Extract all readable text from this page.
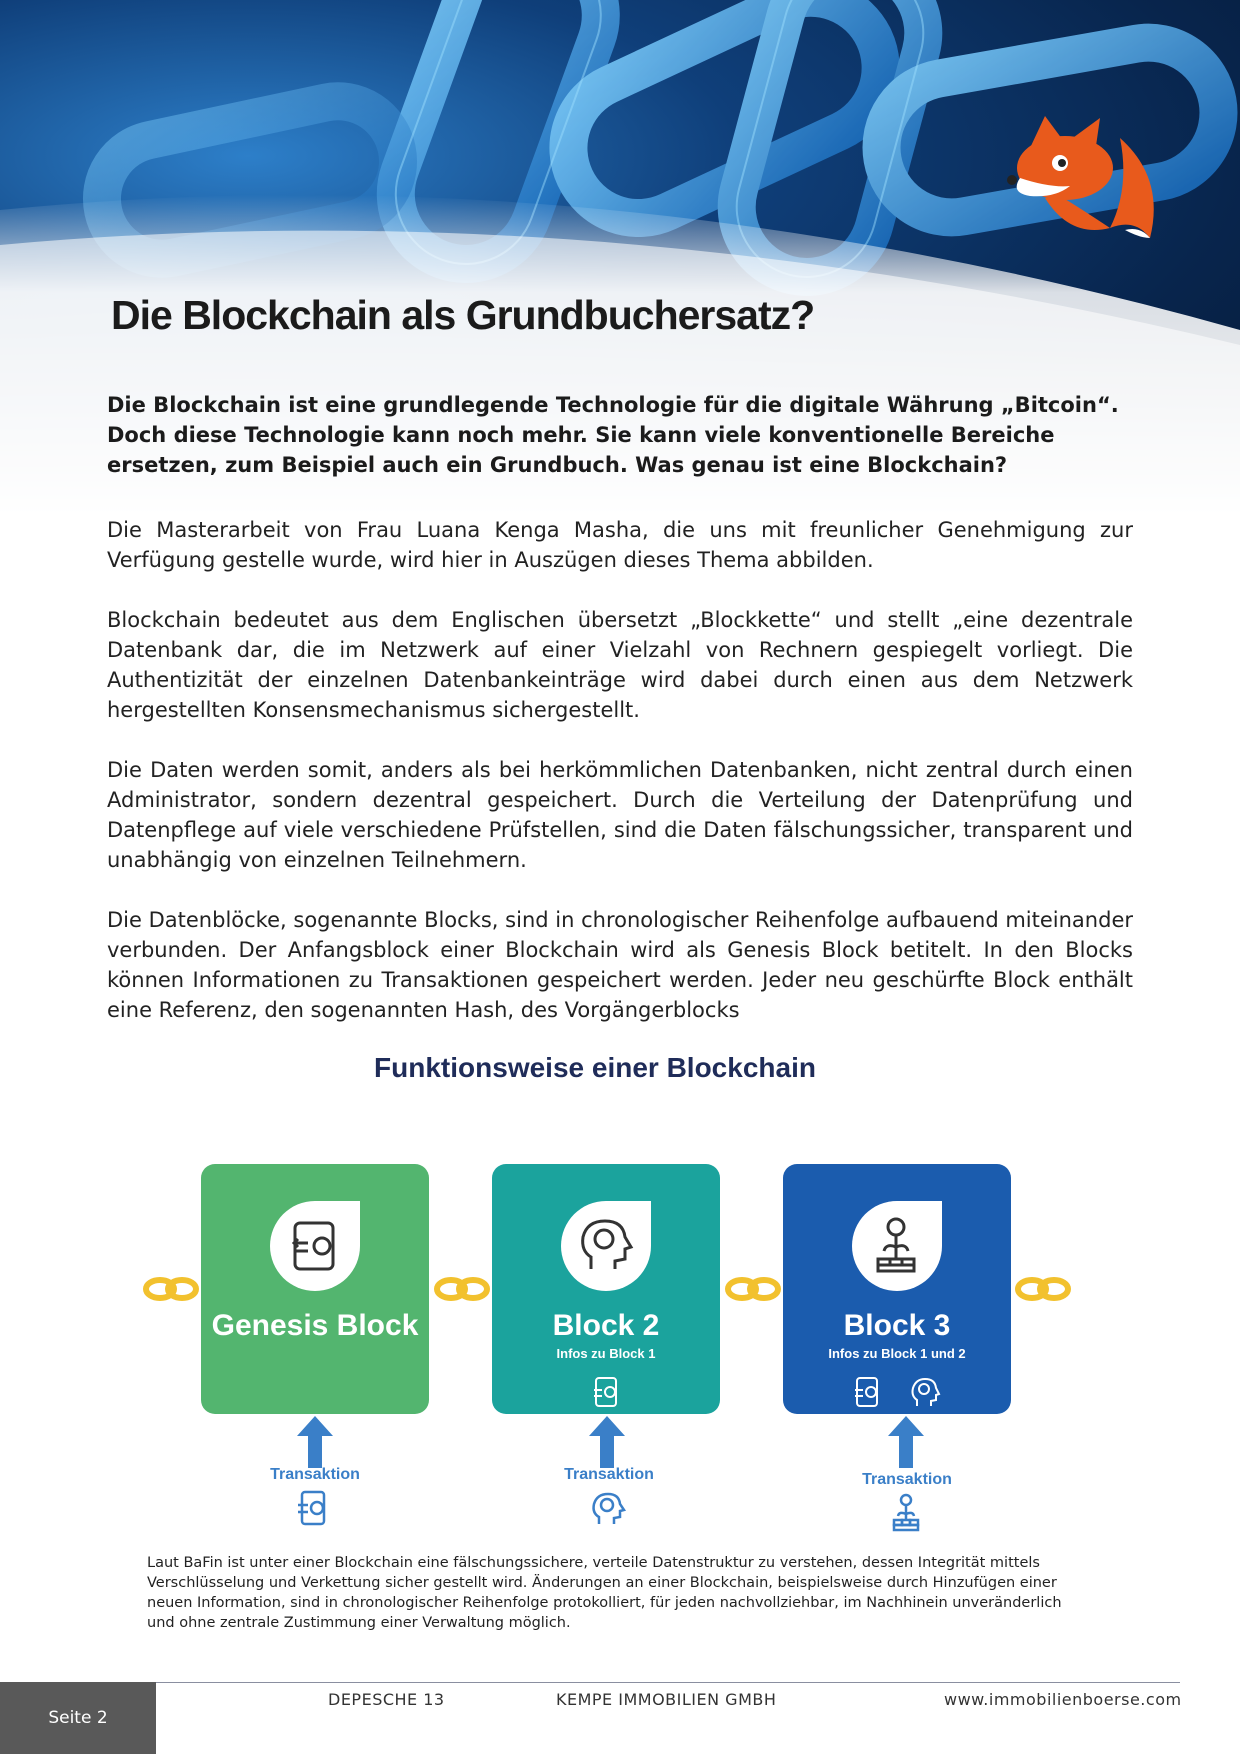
Die Blockchain als Grundbuchersatz?

Die Blockchain ist eine grundlegende Technologie für die digitale Währung „Bitcoin“. Doch diese Technologie kann noch mehr. Sie kann viele konventionelle Bereiche ersetzen, zum Beispiel auch ein Grundbuch. Was genau ist eine Blockchain?

Die Masterarbeit von Frau Luana Kenga Masha, die uns mit freunlicher Genehmigung zur Verfügung gestelle wurde, wird hier in Auszügen dieses Thema abbilden.

Blockchain bedeutet aus dem Englischen übersetzt „Blockkette“ und stellt „eine dezentrale Datenbank dar, die im Netzwerk auf einer Vielzahl von Rechnern gespiegelt vorliegt. Die Authentizität der einzelnen Datenbankeinträge wird dabei durch einen aus dem Netzwerk hergestellten Konsensmechanismus sichergestellt.

Die Daten werden somit, anders als bei herkömmlichen Datenbanken, nicht zentral durch einen Administrator, sondern dezentral gespeichert. Durch die Verteilung der Datenprüfung und Datenpflege auf viele verschiedene Prüfstellen, sind die Daten fälschungssicher, transparent und unabhängig von einzelnen Teilnehmern.

Die Datenblöcke, sogenannte Blocks, sind in chronologischer Reihenfolge aufbauend miteinander verbunden. Der Anfangsblock einer Blockchain wird als Genesis Block betitelt. In den Blocks können Informationen zu Transaktionen gespeichert werden. Jeder neu geschürfte Block enthält eine Referenz, den sogenannten Hash, des Vorgängerblocks

Funktionsweise einer Blockchain
Genesis Block	Block 2
Infos zu Block 1
Block 3
Infos zu Block 1 und 2
Transaktion	Transaktion	Transaktion

Laut BaFin ist unter einer Blockchain eine fälschungssichere, verteile Datenstruktur zu verstehen, dessen Integrität mittels Verschlüsselung und Verkettung sicher gestellt wird. Änderungen an einer Blockchain, beispielsweise durch Hinzufügen einer neuen Information, sind in chronologischer Reihenfolge protokolliert, für jeden nachvollziehbar, im Nachhinein unveränderlich und ohne zentrale Zustimmung einer Verwaltung möglich.

Seite 2
DEPESCHE 13	KEMPE IMMOBILIEN GMBH	www.immobilienboerse.com
